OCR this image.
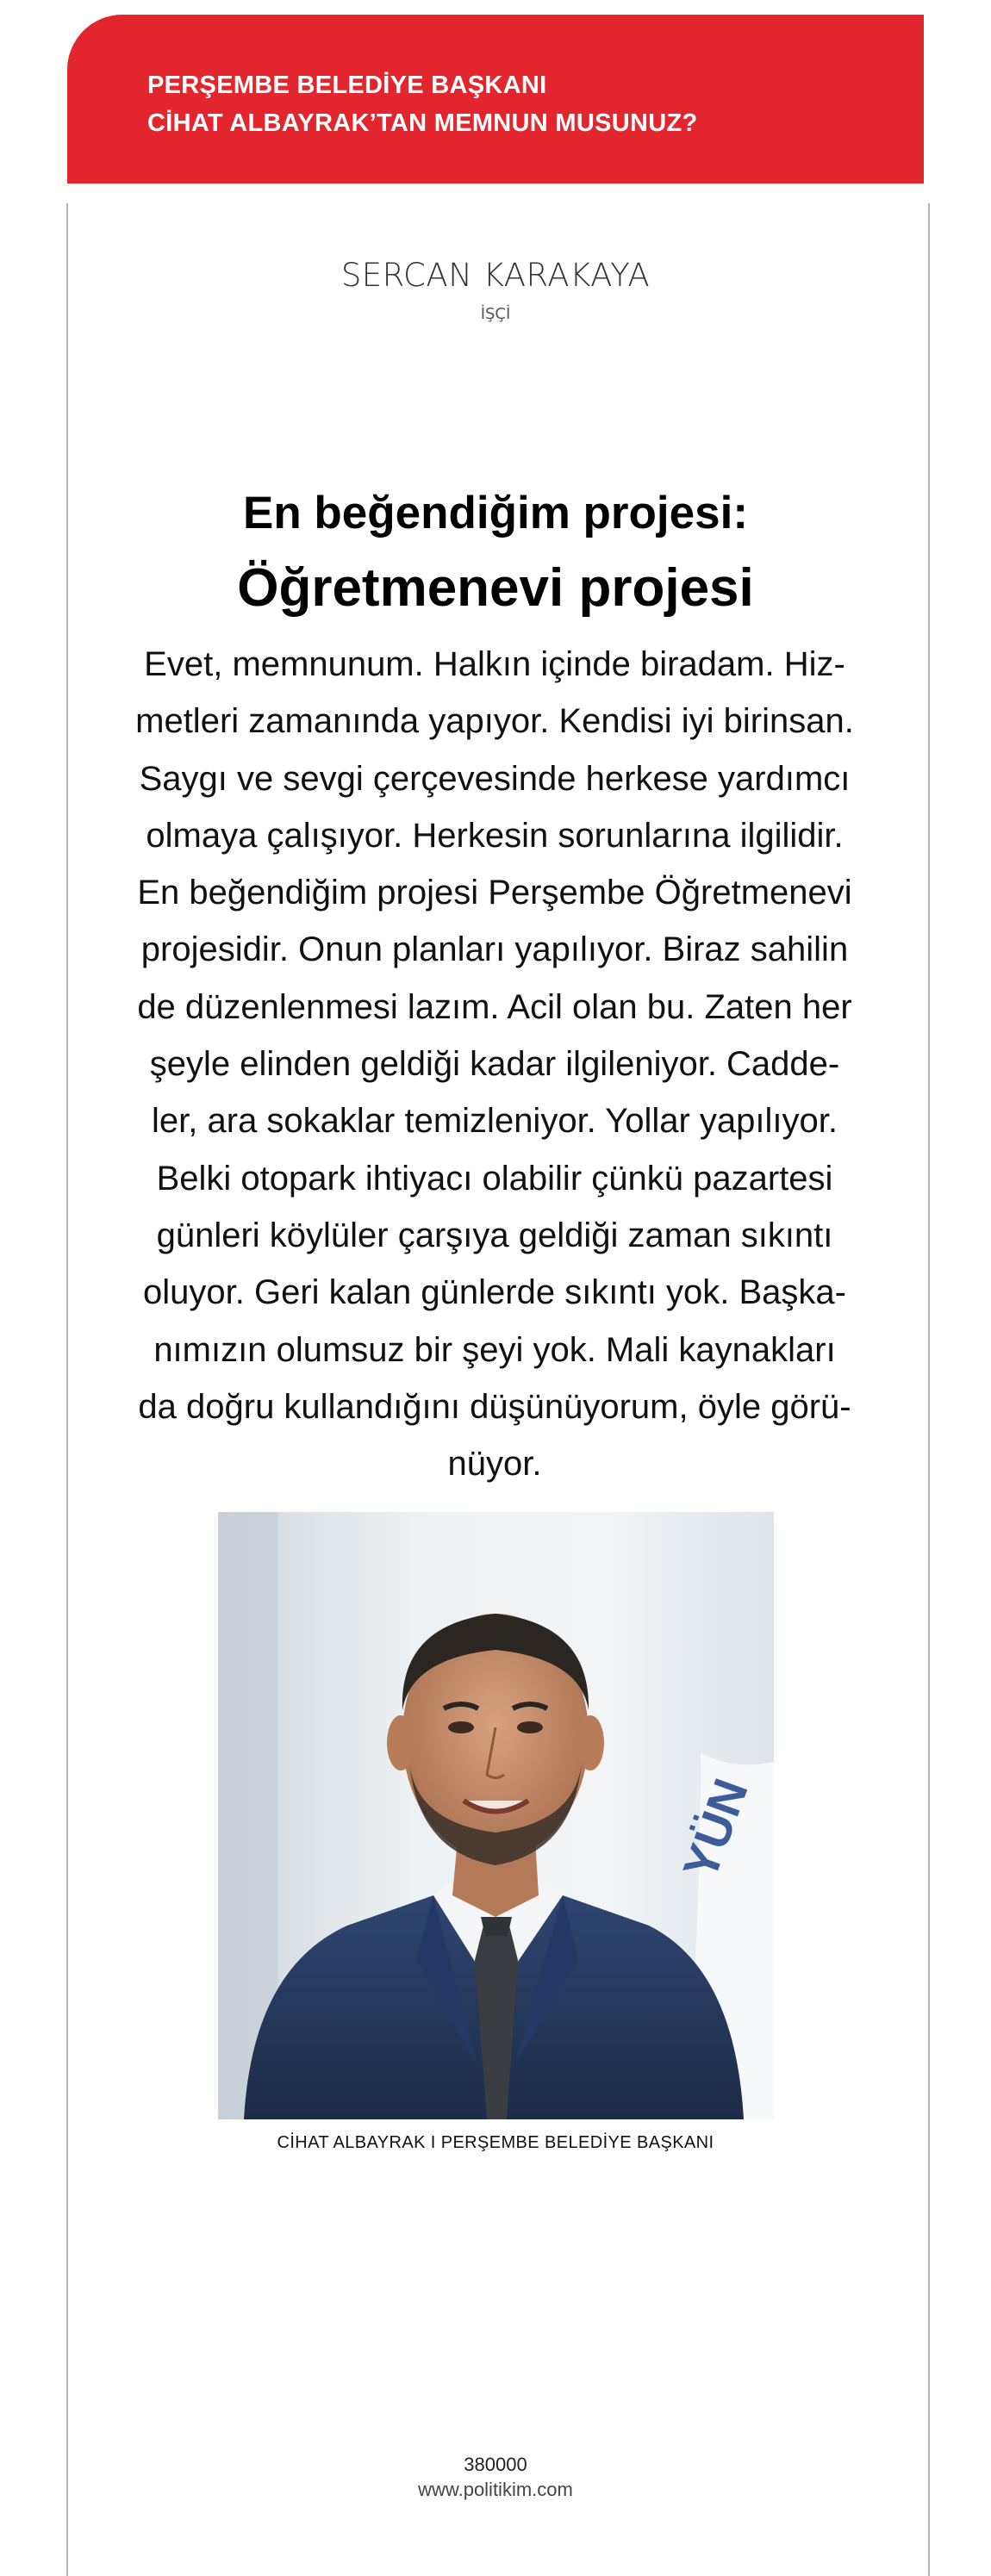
PERŞEMBE BELEDİYE BAŞKANI
CİHAT ALBAYRAK’TAN MEMNUN MUSUNUZ?
SERCAN KARAKAYA
İŞÇİ
En beğendiğim projesi:
Öğretmenevi projesi
Evet, memnunum. Halkın içinde biradam. Hiz-
metleri zamanında yapıyor. Kendisi iyi birinsan.
Saygı ve sevgi çerçevesinde herkese yardımcı
olmaya çalışıyor. Herkesin sorunlarına ilgilidir.
En beğendiğim projesi Perşembe Öğretmenevi
projesidir. Onun planları yapılıyor. Biraz sahilin
de düzenlenmesi lazım. Acil olan bu. Zaten her
şeyle elinden geldiği kadar ilgileniyor. Cadde-
ler, ara sokaklar temizleniyor. Yollar yapılıyor.
Belki otopark ihtiyacı olabilir çünkü pazartesi
günleri köylüler çarşıya geldiği zaman sıkıntı
oluyor. Geri kalan günlerde sıkıntı yok. Başka-
nımızın olumsuz bir şeyi yok. Mali kaynakları
da doğru kullandığını düşünüyorum, öyle görü-
nüyor.
YÜN
CİHAT ALBAYRAK I PERŞEMBE BELEDİYE BAŞKANI
380000
www.politikim.com
